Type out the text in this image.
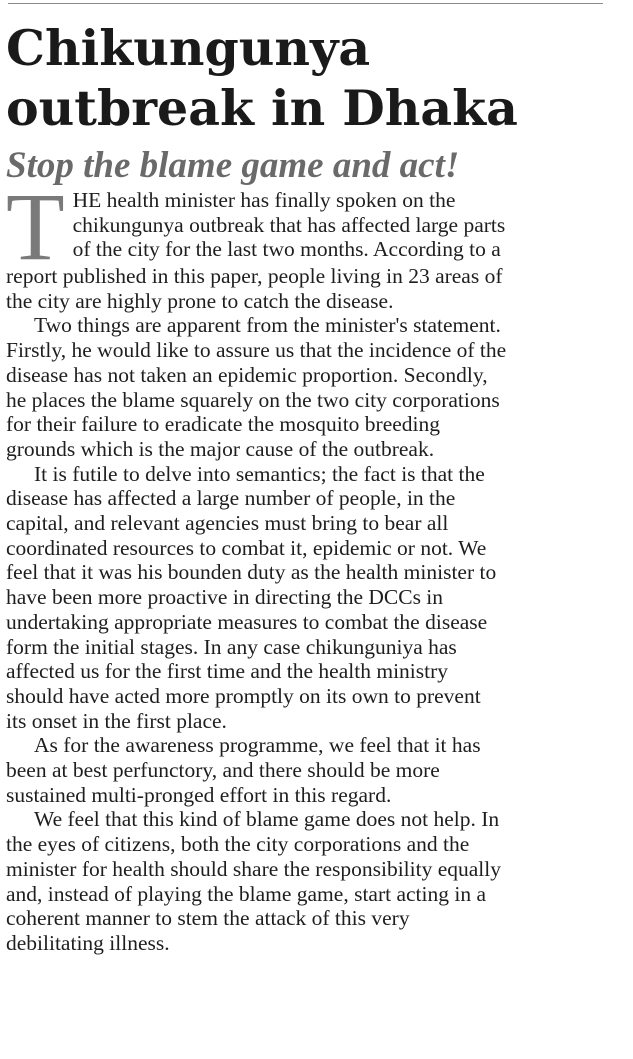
Chikungunya
outbreak in Dhaka
Stop the blame game and act!

T HE health minister has finally spoken on the
chikungunya outbreak that has affected large parts
of the city for the last two months. According to a
report published in this paper, people living in 23 areas of
the city are highly prone to catch the disease.

Two things are apparent from the minister's statement.
Firstly, he would like to assure us that the incidence of the
disease has not taken an epidemic proportion. Secondly,
he places the blame squarely on the two city corporations
for their failure to eradicate the mosquito breeding
grounds which is the major cause of the outbreak.

It is futile to delve into semantics; the fact is that the
disease has affected a large number of people, in the
capital, and relevant agencies must bring to bear all
coordinated resources to combat it, epidemic or not. We
feel that it was his bounden duty as the health minister to
have been more proactive in directing the DCCs in
undertaking appropriate measures to combat the disease
form the initial stages. In any case chikunguniya has
affected us for the first time and the health ministry
should have acted more promptly on its own to prevent
its onset in the first place.

As for the awareness programme, we feel that it has
been at best perfunctory, and there should be more
sustained multi-pronged effort in this regard.

We feel that this kind of blame game does not help. In
the eyes of citizens, both the city corporations and the
minister for health should share the responsibility equally
and, instead of playing the blame game, start acting in a
coherent manner to stem the attack of this very
debilitating illness.
